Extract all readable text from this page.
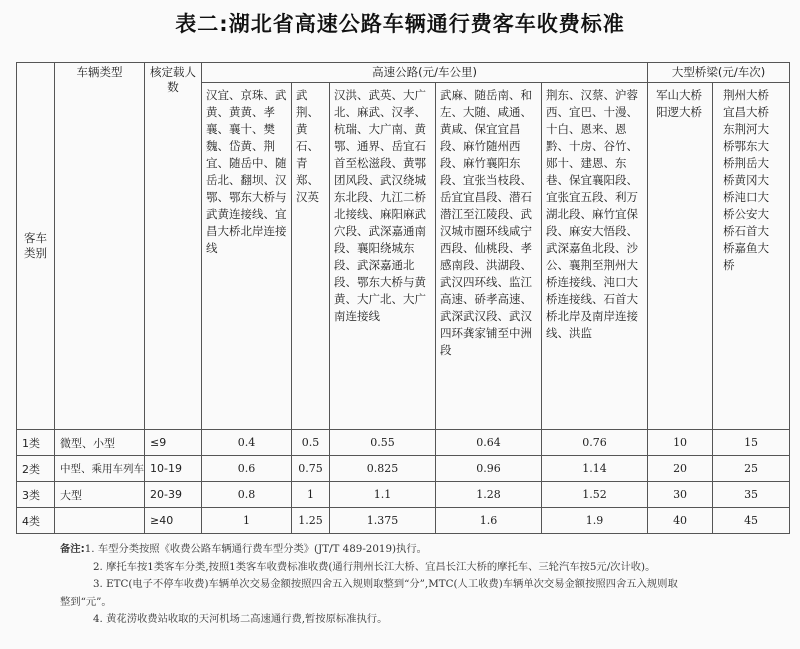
表二:湖北省高速公路车辆通行费客车收费标准
客车类别	车辆类型	核定载人数	高速公路(元/车公里)					大型桥梁(元/车次)	
			汉宜、京珠、武黄、黄黄、孝襄、襄十、樊魏、岱黄、荆宜、随岳中、随岳北、翻坝、汉鄂、鄂东大桥与武黄连接线、宜昌大桥北岸连接线	武荆、黄石、青郑、汉英	汉洪、武英、大广北、麻武、汉孝、杭瑞、大广南、黄鄂、通界、岳宜石首至松滋段、黄鄂团风段、武汉绕城东北段、九江二桥北接线、麻阳麻武穴段、武深嘉通南段、襄阳绕城东段、武深嘉通北段、鄂东大桥与黄黄、大广北、大广南连接线	武麻、随岳南、和左、大随、咸通、黄咸、保宜宜昌段、麻竹随州西段、麻竹襄阳东段、宜张当枝段、岳宜宜昌段、潜石潜江至江陵段、武汉城市圈环线咸宁西段、仙桃段、孝感南段、洪湖段、武汉四环线、监江高速、硚孝高速、武深武汉段、武汉四环龚家铺至中洲段	荆东、汉蔡、沪蓉西、宜巴、十漫、十白、恩来、恩黔、十房、谷竹、郧十、建恩、东巷、保宜襄阳段、宜张宜五段、利万湖北段、麻竹宜保段、麻安大悟段、武深嘉鱼北段、沙公、襄荆至荆州大桥连接线、沌口大桥连接线、石首大桥北岸及南岸连接线、洪监	军山大桥阳逻大桥	荆州大桥宜昌大桥东荆河大桥鄂东大桥荆岳大桥黄冈大桥沌口大桥公安大桥石首大桥嘉鱼大桥
1类	微型、小型	≤9	0.4	0.5	0.55	0.64	0.76	10	15
2类	中型、乘用车列车	10-19	0.6	0.75	0.825	0.96	1.14	20	25
3类	大型	20-39	0.8	1	1.1	1.28	1.52	30	35
4类		≥40	1	1.25	1.375	1.6	1.9	40	45
备注:1. 车型分类按照《收费公路车辆通行费车型分类》(JT/T 489-2019)执行。
2. 摩托车按1类客车分类,按照1类客车收费标准收费(通行荆州长江大桥、宜昌长江大桥的摩托车、三轮汽车按5元/次计收)。
3. ETC(电子不停车收费)车辆单次交易金额按照四舍五入规则取整到“分”,MTC(人工收费)车辆单次交易金额按照四舍五入规则取
整到“元”。
4. 黄花涝收费站收取的天河机场二高速通行费,暂按原标准执行。
